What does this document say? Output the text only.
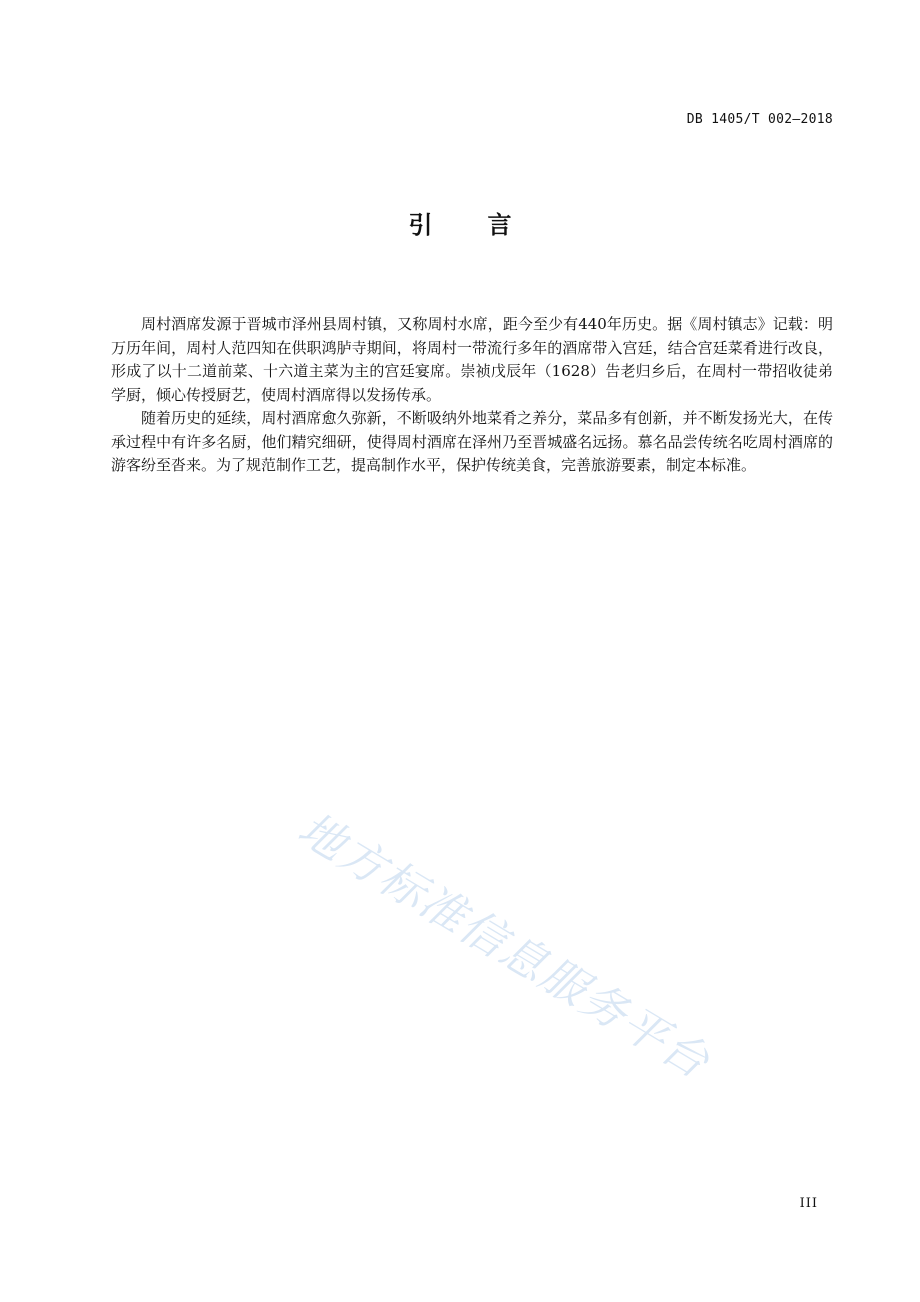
DB 1405/T 002—2018
引言

周村酒席发源于晋城市泽州县周村镇，又称周村水席，距今至少有440年历史。据《周村镇志》记载：明万历年间，周村人范四知在供职鸿胪寺期间，将周村一带流行多年的酒席带入宫廷，结合宫廷菜肴进行改良，形成了以十二道前菜、十六道主菜为主的宫廷宴席。崇祯戊辰年（1628）告老归乡后，在周村一带招收徒弟学厨，倾心传授厨艺，使周村酒席得以发扬传承。

随着历史的延续，周村酒席愈久弥新，不断吸纳外地菜肴之养分，菜品多有创新，并不断发扬光大，在传承过程中有许多名厨，他们精究细研，使得周村酒席在泽州乃至晋城盛名远扬。慕名品尝传统名吃周村酒席的游客纷至沓来。为了规范制作工艺，提高制作水平，保护传统美食，完善旅游要素，制定本标准。

地方标准信息服务平台
III
